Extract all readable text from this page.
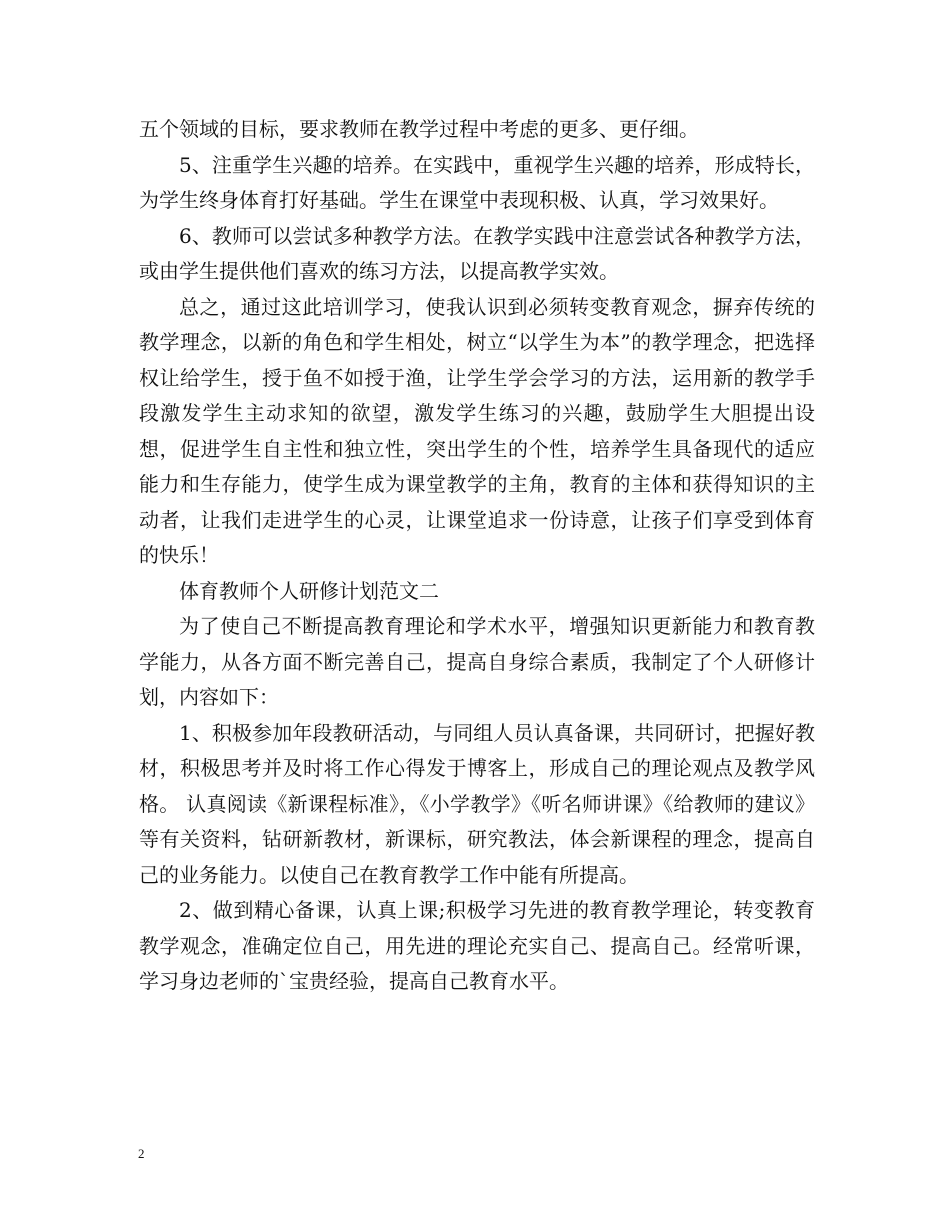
五个领域的目标，要求教师在教学过程中考虑的更多、更仔细。

5、注重学生兴趣的培养。在实践中，重视学生兴趣的培养，形成特长，为学生终身体育打好基础。学生在课堂中表现积极、认真，学习效果好。

6、教师可以尝试多种教学方法。在教学实践中注意尝试各种教学方法，或由学生提供他们喜欢的练习方法，以提高教学实效。

总之，通过这此培训学习，使我认识到必须转变教育观念，摒弃传统的教学理念，以新的角色和学生相处，树立“以学生为本”的教学理念，把选择权让给学生，授于鱼不如授于渔，让学生学会学习的方法，运用新的教学手段激发学生主动求知的欲望，激发学生练习的兴趣，鼓励学生大胆提出设想，促进学生自主性和独立性，突出学生的个性，培养学生具备现代的适应能力和生存能力，使学生成为课堂教学的主角，教育的主体和获得知识的主动者，让我们走进学生的心灵，让课堂追求一份诗意，让孩子们享受到体育的快乐！

体育教师个人研修计划范文二

为了使自己不断提高教育理论和学术水平，增强知识更新能力和教育教学能力，从各方面不断完善自己，提高自身综合素质，我制定了个人研修计划，内容如下：

1、积极参加年段教研活动，与同组人员认真备课，共同研讨，把握好教材，积极思考并及时将工作心得发于博客上，形成自己的理论观点及教学风格。 认真阅读《新课程标准》，《小学教学》《听名师讲课》《给教师的建议》等有关资料，钻研新教材，新课标，研究教法，体会新课程的理念，提高自己的业务能力。以使自己在教育教学工作中能有所提高。

2、做到精心备课，认真上课;积极学习先进的教育教学理论，转变教育教学观念，准确定位自己，用先进的理论充实自己、提高自己。经常听课，学习身边老师的`宝贵经验，提高自己教育水平。

2
